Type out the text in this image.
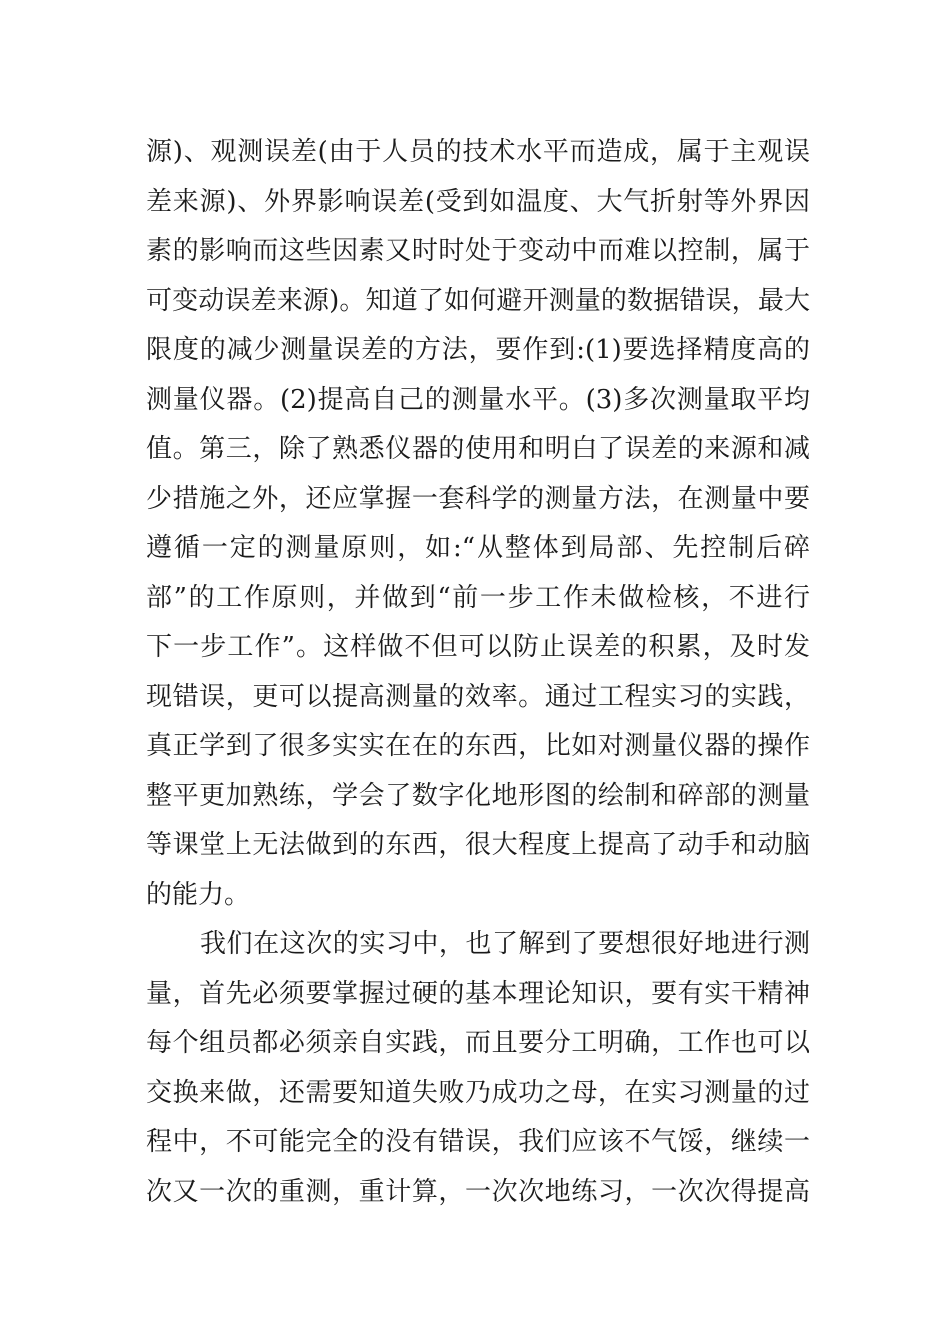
源)、观测误差(由于人员的技术水平而造成，属于主观误
差来源)、外界影响误差(受到如温度、大气折射等外界因
素的影响而这些因素又时时处于变动中而难以控制，属于
可变动误差来源)。知道了如何避开测量的数据错误，最大
限度的减少测量误差的方法，要作到:(1)要选择精度高的
测量仪器。(2)提高自己的测量水平。(3)多次测量取平均
值。第三，除了熟悉仪器的使用和明白了误差的来源和减
少措施之外，还应掌握一套科学的测量方法，在测量中要
遵循一定的测量原则，如:“从整体到局部、先控制后碎
部”的工作原则，并做到“前一步工作未做检核，不进行
下一步工作”。这样做不但可以防止误差的积累，及时发
现错误，更可以提高测量的效率。通过工程实习的实践，
真正学到了很多实实在在的东西，比如对测量仪器的操作
整平更加熟练，学会了数字化地形图的绘制和碎部的测量
等课堂上无法做到的东西，很大程度上提高了动手和动脑
的能力。
我们在这次的实习中，也了解到了要想很好地进行测
量，首先必须要掌握过硬的基本理论知识，要有实干精神
每个组员都必须亲自实践，而且要分工明确，工作也可以
交换来做，还需要知道失败乃成功之母，在实习测量的过
程中，不可能完全的没有错误，我们应该不气馁，继续一
次又一次的重测，重计算，一次次地练习，一次次得提高
